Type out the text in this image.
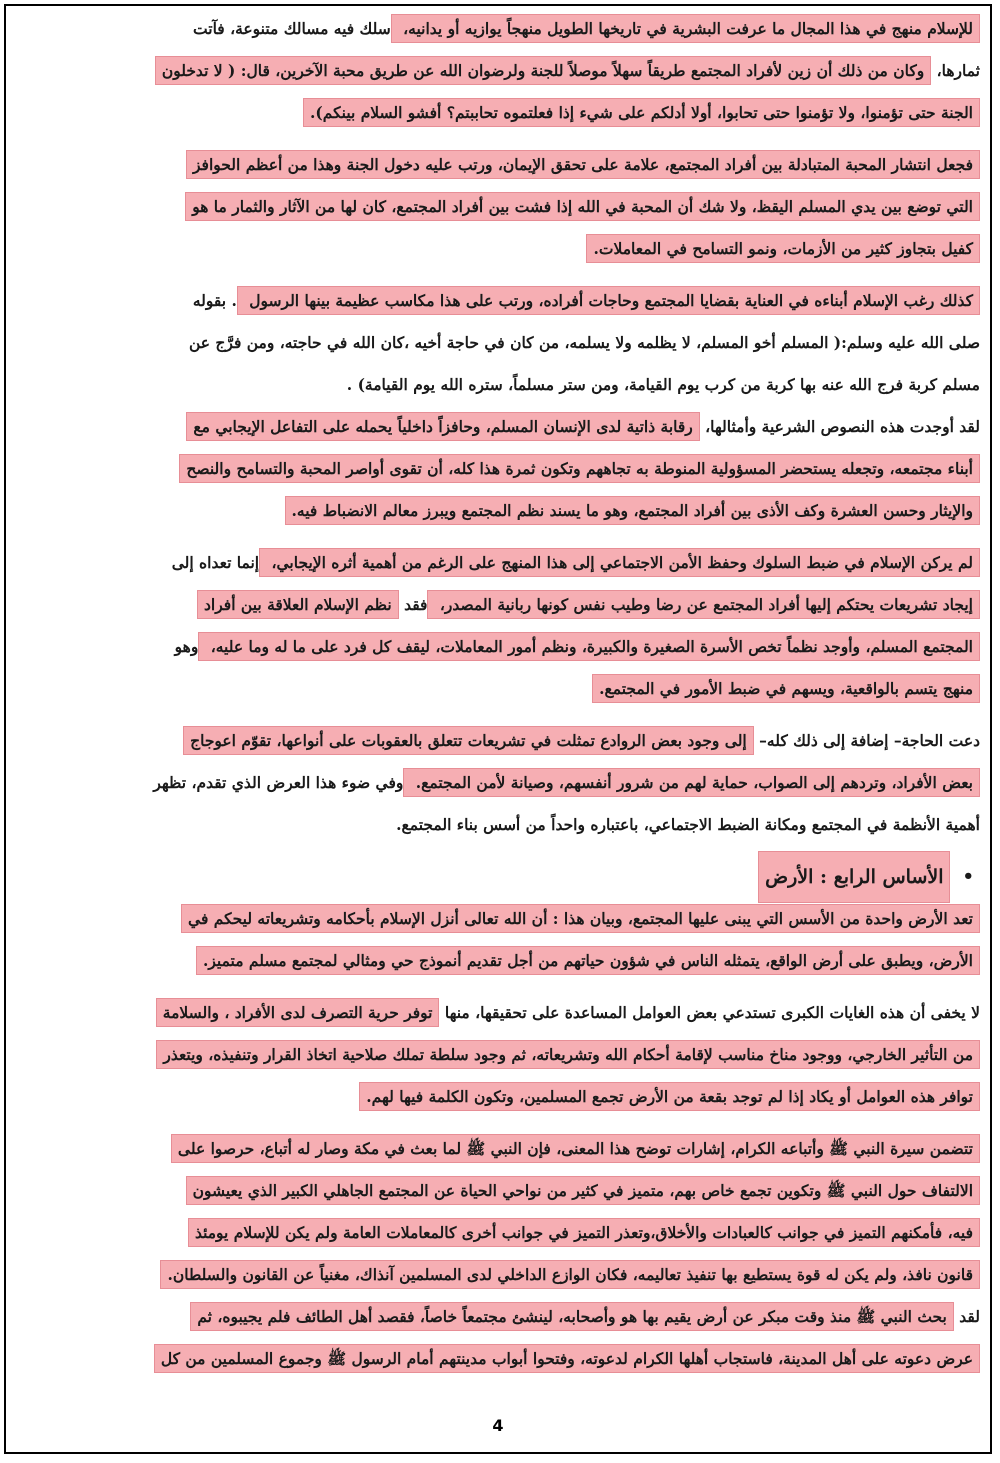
للإسلام منهج في هذا المجال ما عرفت البشرية في تاريخها الطويل منهجاً يوازيه أو يدانيه، سلك فيه مسالك متنوعة، فآتت
ثمارها، وكان من ذلك أن زين لأفراد المجتمع طريقاً سهلاً موصلاً للجنة ولرضوان الله عن طريق محبة الآخرين، قال: ( لا تدخلون
الجنة حتى تؤمنوا، ولا تؤمنوا حتى تحابوا، أولا أدلكم على شيء إذا فعلتموه تحاببتم؟ أفشو السلام بينكم).
فجعل انتشار المحبة المتبادلة بين أفراد المجتمع، علامة على تحقق الإيمان، ورتب عليه دخول الجنة وهذا من أعظم الحوافز
التي توضع بين يدي المسلم اليقظ، ولا شك أن المحبة في الله إذا فشت بين أفراد المجتمع، كان لها من الآثار والثمار ما هو
كفيل بتجاوز كثير من الأزمات، ونمو التسامح في المعاملات.
كذلك رغب الإسلام أبناءه في العناية بقضايا المجتمع وحاجات أفراده، ورتب على هذا مكاسب عظيمة بينها الرسول . بقوله
صلى الله عليه وسلم:( المسلم أخو المسلم، لا يظلمه ولا يسلمه، من كان في حاجة أخيه ،كان الله في حاجته، ومن فرَّج عن
مسلم كربة فرج الله عنه بها كربة من كرب يوم القيامة، ومن ستر مسلماً، ستره الله يوم القيامة) .
لقد أوجدت هذه النصوص الشرعية وأمثالها، رقابة ذاتية لدى الإنسان المسلم، وحافزاً داخلياً يحمله على التفاعل الإيجابي مع
أبناء مجتمعه، وتجعله يستحضر المسؤولية المنوطة به تجاههم وتكون ثمرة هذا كله، أن تقوى أواصر المحبة والتسامح والنصح
والإيثار وحسن العشرة وكف الأذى بين أفراد المجتمع، وهو ما يسند نظم المجتمع ويبرز معالم الانضباط فيه.
لم يركن الإسلام في ضبط السلوك وحفظ الأمن الاجتماعي إلى هذا المنهج على الرغم من أهمية أثره الإيجابي، إنما تعداه إلى
إيجاد تشريعات يحتكم إليها أفراد المجتمع عن رضا وطيب نفس كونها ربانية المصدر، فقد نظم الإسلام العلاقة بين أفراد
المجتمع المسلم، وأوجد نظماً تخص الأسرة الصغيرة والكبيرة، ونظم أمور المعاملات، ليقف كل فرد على ما له وما عليه، وهو
منهج يتسم بالواقعية، ويسهم في ضبط الأمور في المجتمع.
دعت الحاجة– إضافة إلى ذلك كله– إلى وجود بعض الروادع تمثلت في تشريعات تتعلق بالعقوبات على أنواعها، تقوّم اعوجاج
بعض الأفراد، وتردهم إلى الصواب، حماية لهم من شرور أنفسهم، وصيانة لأمن المجتمع. وفي ضوء هذا العرض الذي تقدم، تظهر
أهمية الأنظمة في المجتمع ومكانة الضبط الاجتماعي، باعتباره واحداً من أسس بناء المجتمع.
•
الأساس الرابع : الأرض
تعد الأرض واحدة من الأسس التي يبنى عليها المجتمع، وبيان هذا : أن الله تعالى أنزل الإسلام بأحكامه وتشريعاته ليحكم في
الأرض، ويطبق على أرض الواقع، يتمثله الناس في شؤون حياتهم من أجل تقديم أنموذج حي ومثالي لمجتمع مسلم متميز.
لا يخفى أن هذه الغايات الكبرى تستدعي بعض العوامل المساعدة على تحقيقها، منها توفر حرية التصرف لدى الأفراد ، والسلامة
من التأثير الخارجي، ووجود مناخ مناسب لإقامة أحكام الله وتشريعاته، ثم وجود سلطة تملك صلاحية اتخاذ القرار وتنفيذه، ويتعذر
توافر هذه العوامل أو يكاد إذا لم توجد بقعة من الأرض تجمع المسلمين، وتكون الكلمة فيها لهم.
تتضمن سيرة النبي ﷺ وأتباعه الكرام، إشارات توضح هذا المعنى، فإن النبي ﷺ لما بعث في مكة وصار له أتباع، حرصوا على
الالتفاف حول النبي ﷺ وتكوين تجمع خاص بهم، متميز في كثير من نواحي الحياة عن المجتمع الجاهلي الكبير الذي يعيشون
فيه، فأمكنهم التميز في جوانب كالعبادات والأخلاق،وتعذر التميز في جوانب أخرى كالمعاملات العامة ولم يكن للإسلام يومئذ
قانون نافذ، ولم يكن له قوة يستطيع بها تنفيذ تعاليمه، فكان الوازع الداخلي لدى المسلمين آنذاك، مغنياً عن القانون والسلطان.
لقد بحث النبي ﷺ منذ وقت مبكر عن أرض يقيم بها هو وأصحابه، لينشئ مجتمعاً خاصاً، فقصد أهل الطائف فلم يجيبوه، ثم
عرض دعوته على أهل المدينة، فاستجاب أهلها الكرام لدعوته، وفتحوا أبواب مدينتهم أمام الرسول ﷺ وجموع المسلمين من كل
4
